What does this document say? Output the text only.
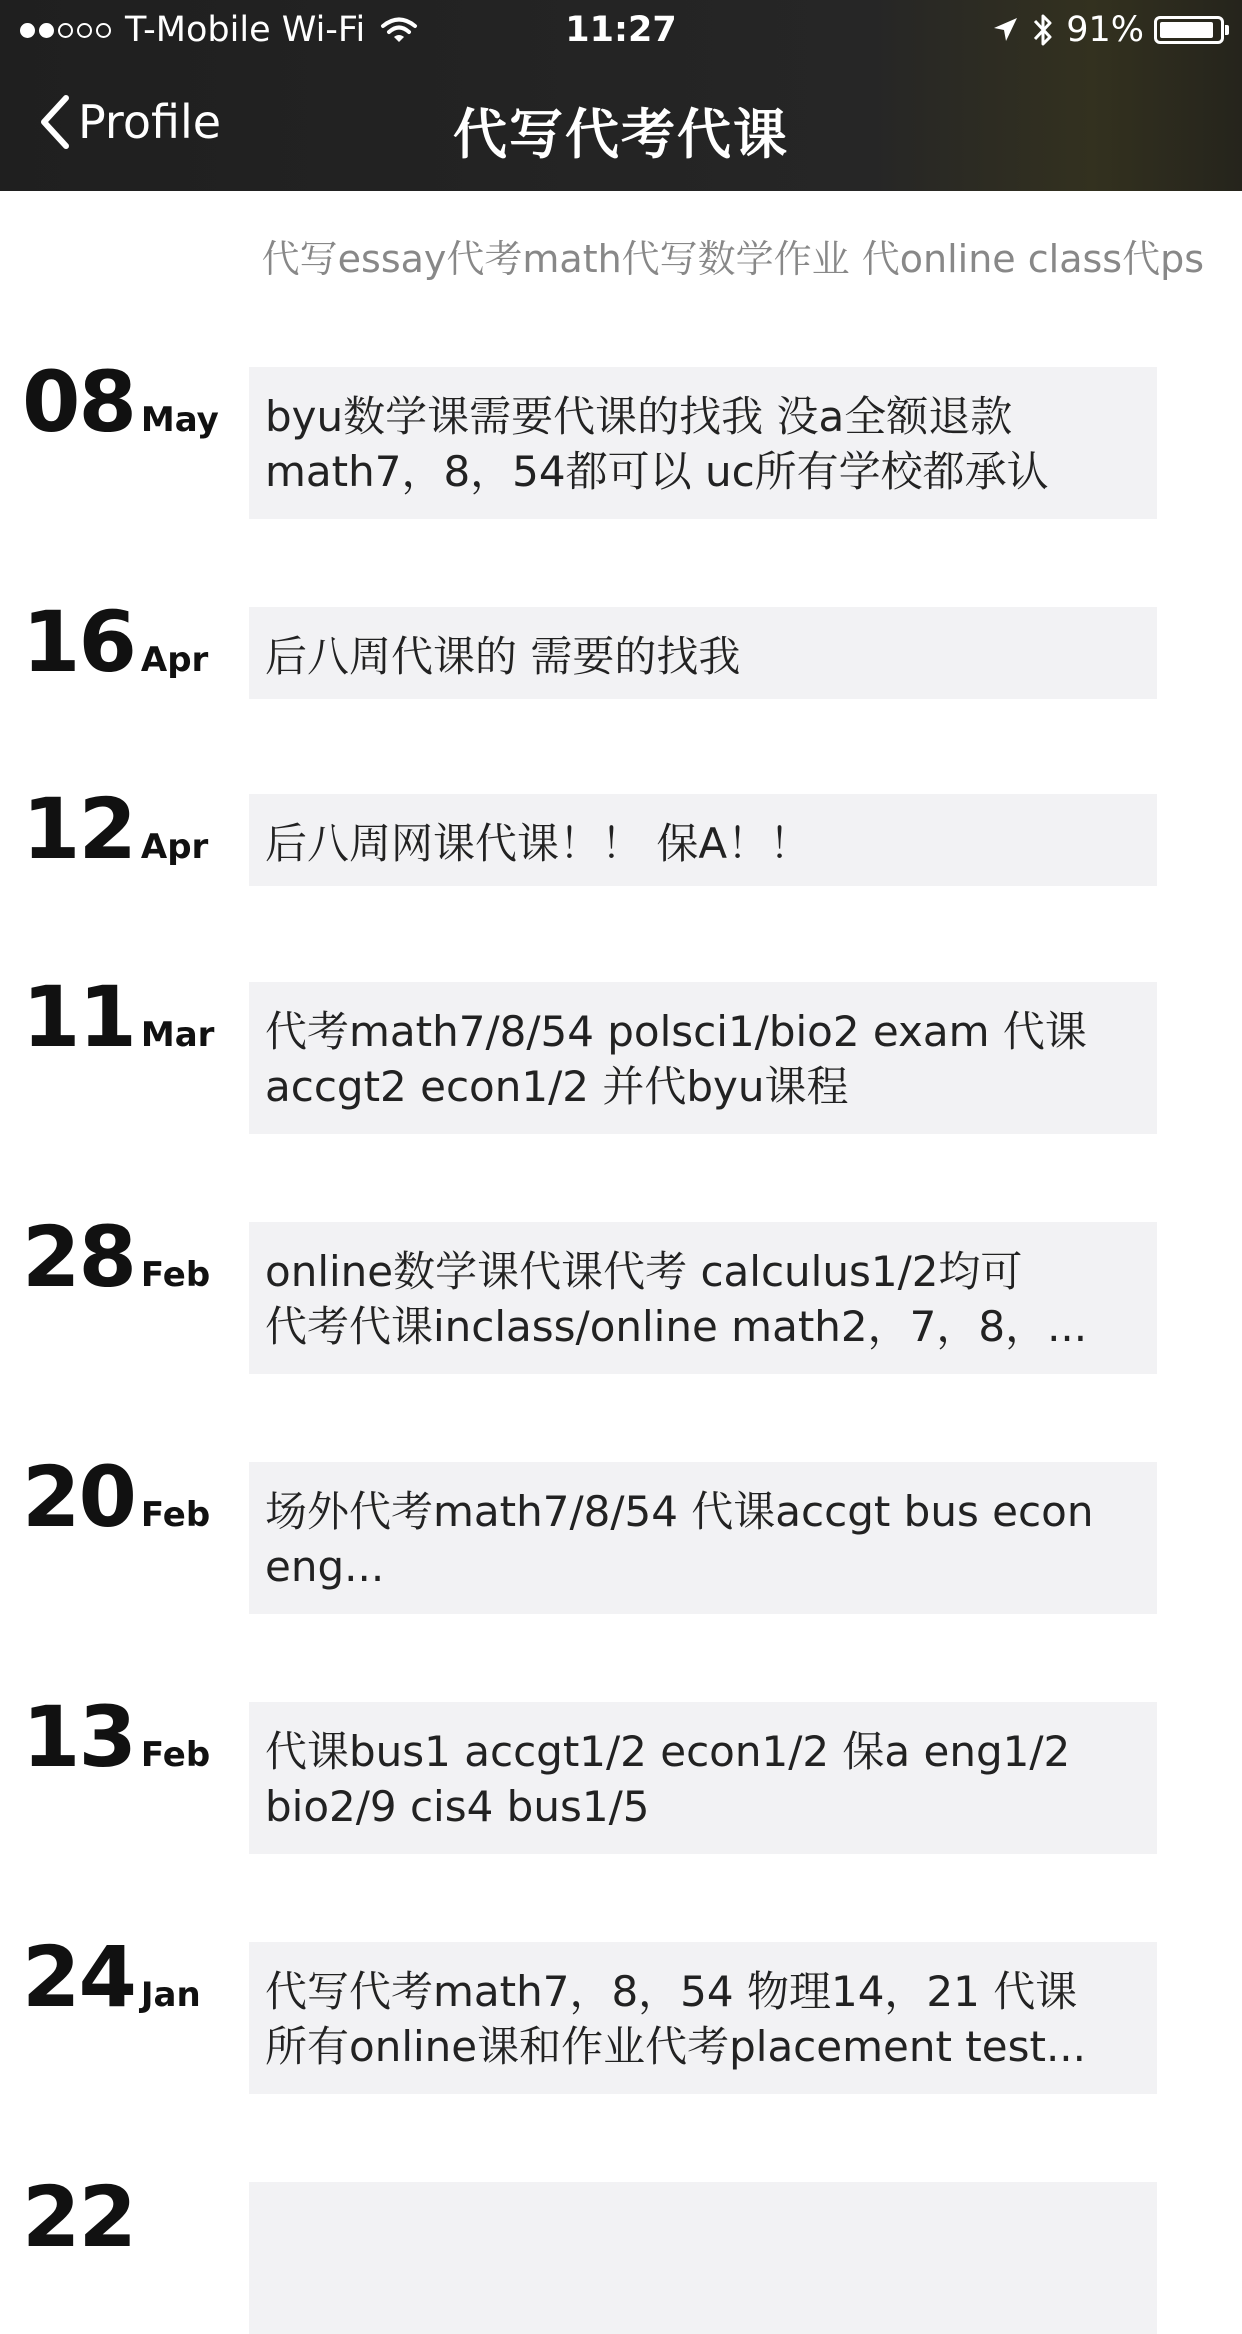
T-Mobile Wi-Fi	11:27	91%
Profile	代写代考代课
代写essay代考math代写数学作业 代online class代ps
08 May byu数学课需要代课的找我 没a全额退款

math7，8，54都可以 uc所有学校都承认

16 Apr 后八周代课的 需要的找我

12 Apr 后八周网课代课！！ 保A！！

11 Mar 代考math7/8/54 polsci1/bio2 exam 代课

accgt2 econ1/2 并代byu课程

28 Feb online数学课代课代考 calculus1/2均可

代考代课inclass/online math2，7，8，...

20 Feb 场外代考math7/8/54 代课accgt bus econ

eng...

13 Feb 代课bus1 accgt1/2 econ1/2 保a eng1/2

bio2/9 cis4 bus1/5

24 Jan 代写代考math7，8，54 物理14，21 代课

所有online课和作业代考placement test...

22
